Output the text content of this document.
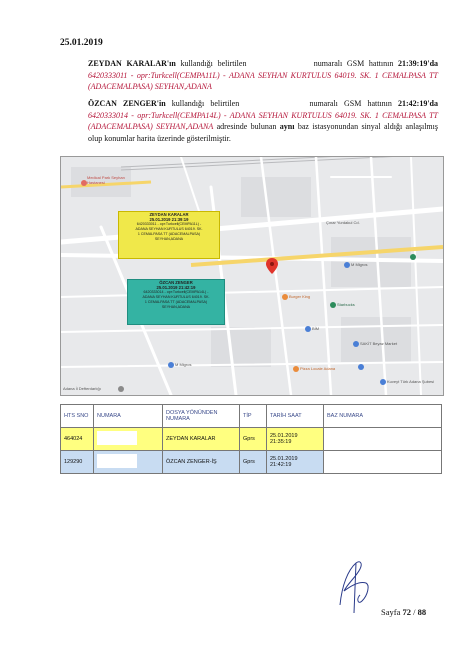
25.01.2019
ZEYDAN KARALAR'ın kullandığı belirtilen	numaralı GSM hattının 21:39:19'da 6420333011 - opr:Turkcell(CEMPA11L) - ADANA SEYHAN KURTULUS 64019. SK. 1 CEMALPASA TT (ADACEMALPASA) SEYHAN,ADANA
ÖZCAN ZENGER'in kullandığı belirtilen	numaralı GSM hattının 21:42:19'da 6420333014 - opr:Turkcell(CEMPA14L) - ADANA SEYHAN KURTULUS 64019. SK. 1 CEMALPASA TT (ADACEMALPASA) SEYHAN,ADANA adresinde bulunan aynı baz istasyonundan sinyal aldığı anlaşılmış olup konumlar harita üzerinde gösterilmiştir.
Medical Park Seyhan Hastanesi
M Migros
M Migros
Çınar Yurdakul Cd.
Burger King
Starbucks
Pizza Locale Adana
Adana İl Defterdarlığı
Kuveyt Türk Adana Şubesi
BİM
SAKİT Beyaz Market
ZEYDAN KARALAR
25.01.2019 21:39:19
6420333011 - opr:Turkcell(CEMPA11L) -
ADANA SEYHAN KURTULUS 64019. SK.
1 CEMALPASA TT (ADACEMALPASA)
SEYHAN,ADANA
ÖZCAN ZENGER
25.01.2019 21:42:19
6420333014 - opr:Turkcell(CEMPA14L) -
ADANA SEYHAN KURTULUS 64019. SK.
1 CEMALPASA TT (ADACEMALPASA)
SEYHAN,ADANA
HTS SNO	NUMARA	DOSYA YÖNÜNDEN NUMARA	TİP	TARİH SAAT	BAZ NUMARA
464024		ZEYDAN KARALAR	Gprs	25.01.2019 21:35:19	
129290		ÖZCAN ZENGER-İŞ	Gprs	25.01.2019 21:42:19	
Sayfa 72 / 88
